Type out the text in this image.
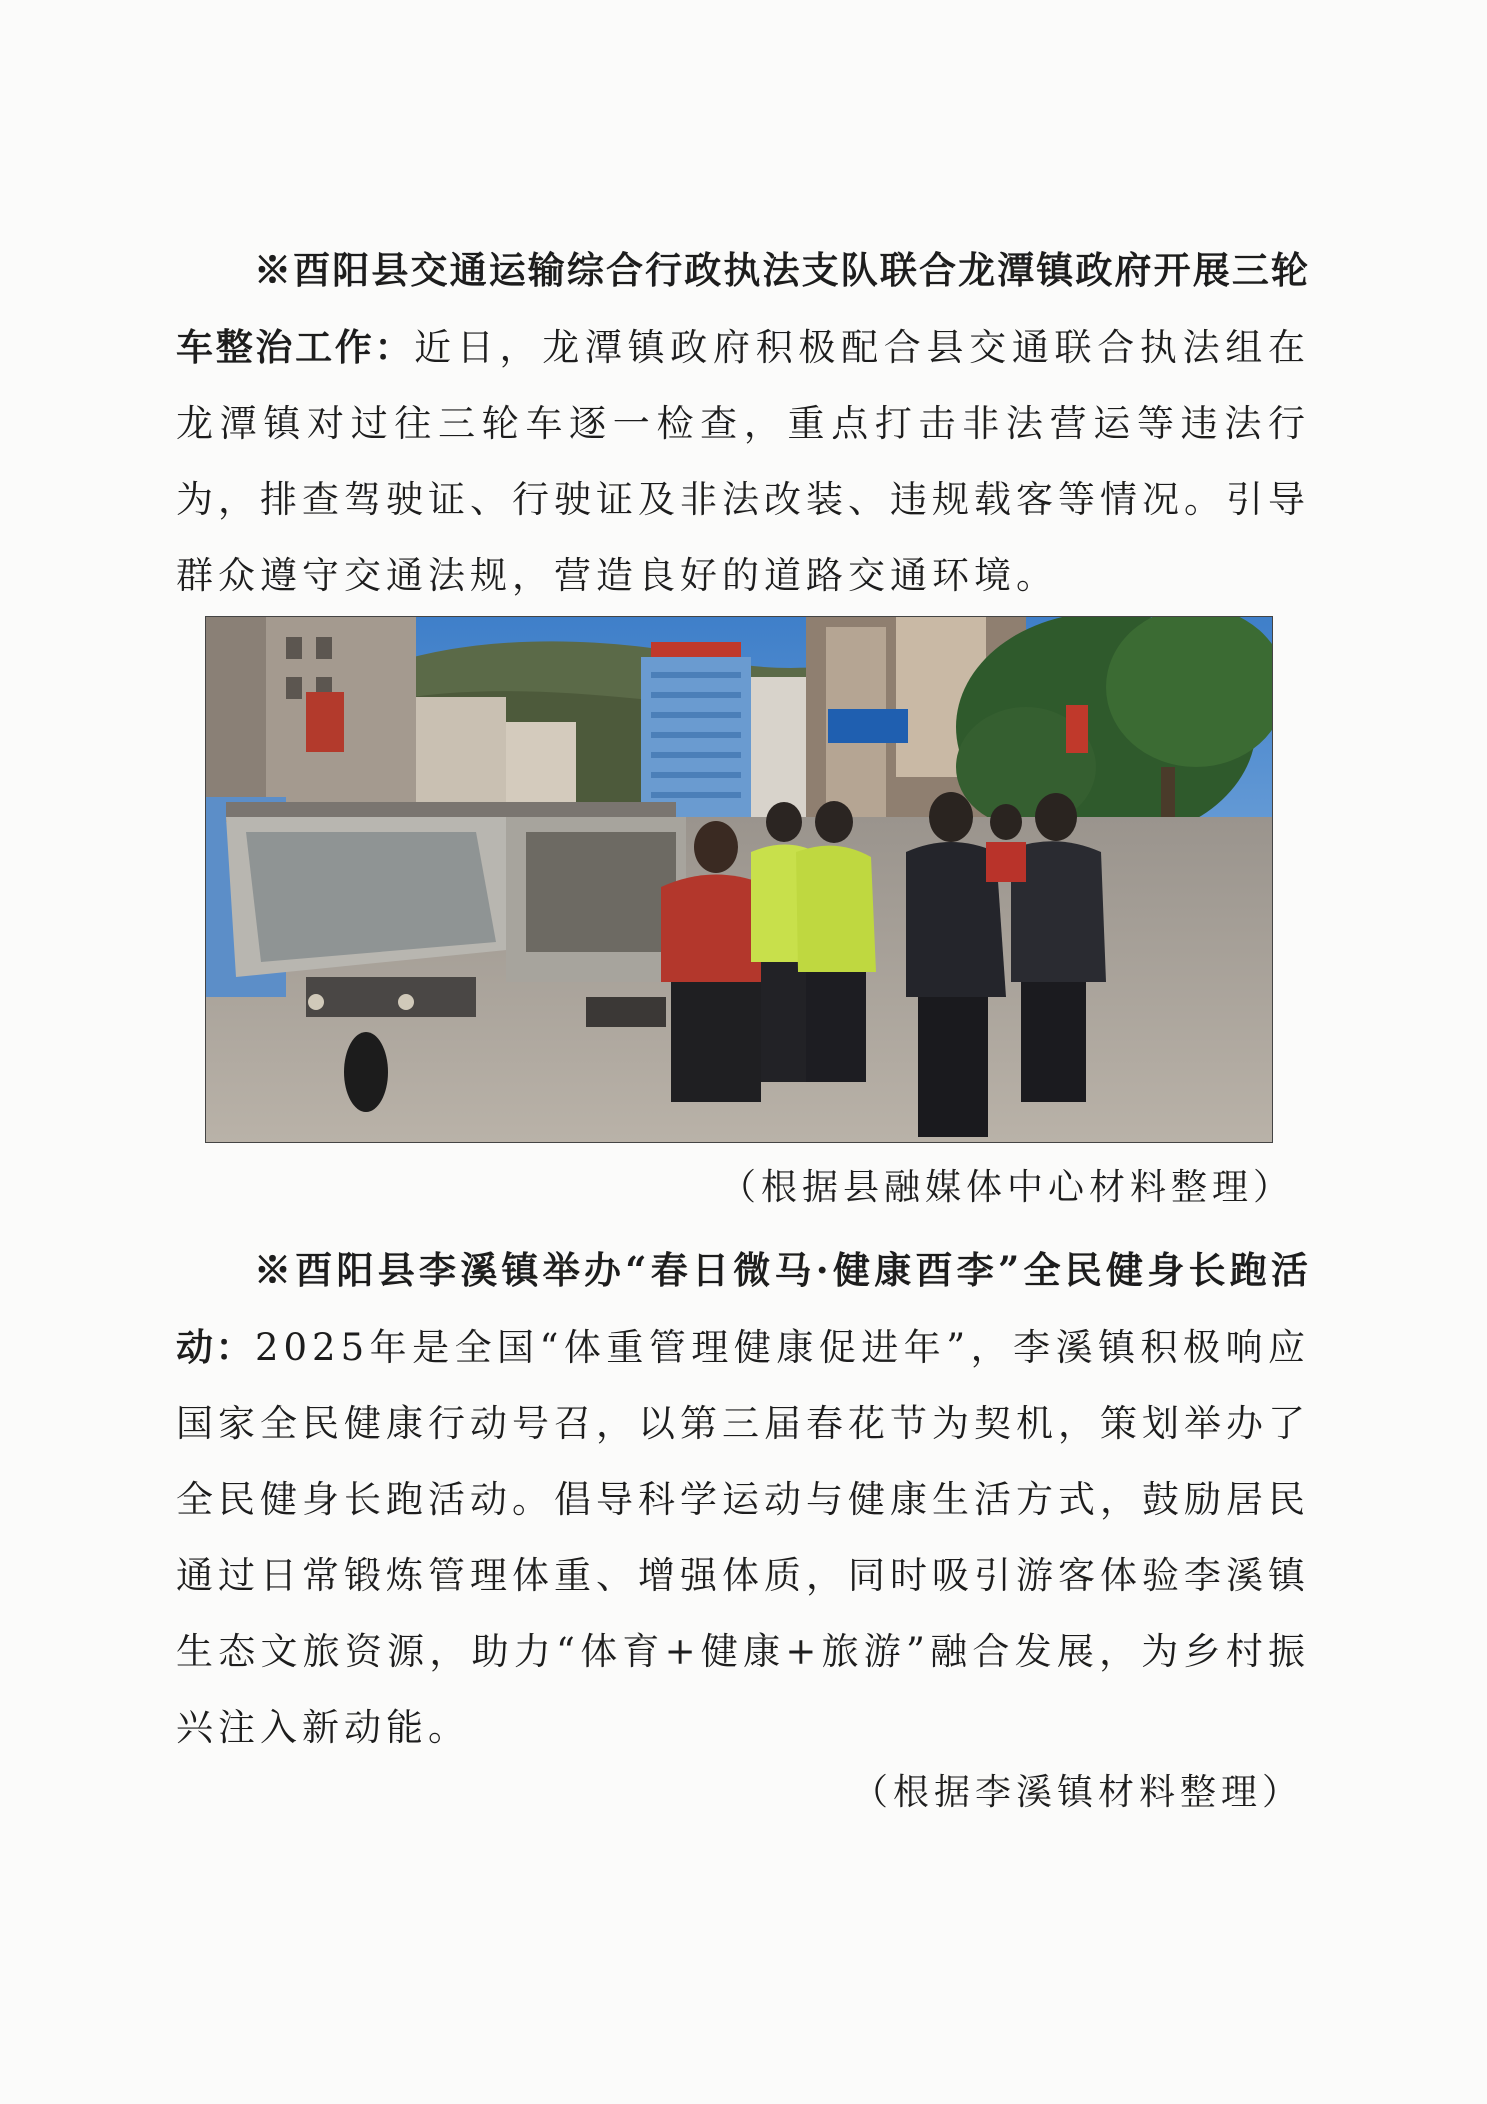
※酉阳县交通运输综合行政执法支队联合龙潭镇政府开展三轮车整治工作：近日，龙潭镇政府积极配合县交通联合执法组在龙潭镇对过往三轮车逐一检查，重点打击非法营运等违法行为，排查驾驶证、行驶证及非法改装、违规载客等情况。引导群众遵守交通法规，营造良好的道路交通环境。

（根据县融媒体中心材料整理）

※酉阳县李溪镇举办“春日微马·健康酉李”全民健身长跑活动：2025年是全国“体重管理健康促进年”，李溪镇积极响应国家全民健康行动号召，以第三届春花节为契机，策划举办了全民健身长跑活动。倡导科学运动与健康生活方式，鼓励居民通过日常锻炼管理体重、增强体质，同时吸引游客体验李溪镇生态文旅资源，助力“体育+健康+旅游”融合发展，为乡村振兴注入新动能。

（根据李溪镇材料整理）
